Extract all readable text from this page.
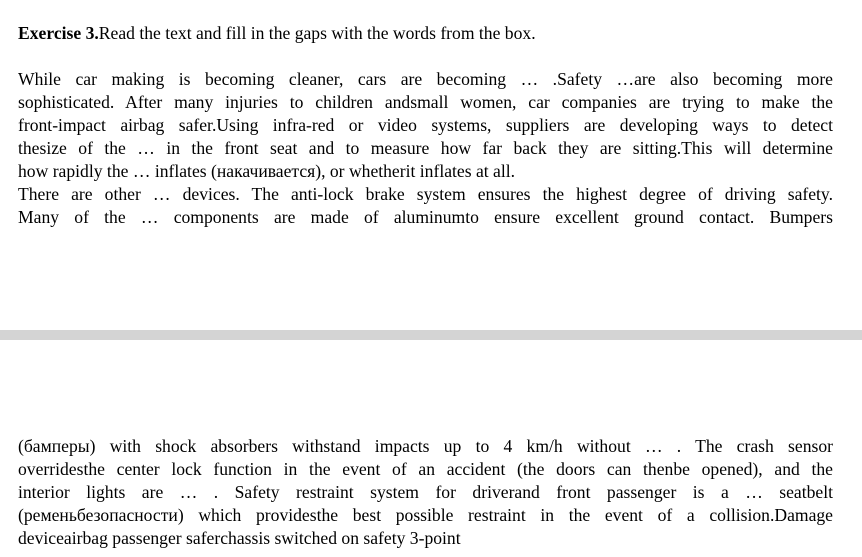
Exercise 3.Read the text and fill in the gaps with the words from the box.
While car making is becoming cleaner, cars are becoming … .Safety …are also becoming more
sophisticated. After many injuries to children andsmall women, car companies are trying to make the
front-impact airbag safer.Using infra-red or video systems, suppliers are developing ways to detect
thesize of the … in the front seat and to measure how far back they are sitting.This will determine
how rapidly the … inflates (накачивается), or whetherit inflates at all.
There are other … devices. The anti-lock brake system ensures the highest degree of driving safety.
Many of the … components are made of aluminumto ensure excellent ground contact. Bumpers
(бамперы) with shock absorbers withstand impacts up to 4 km/h without … . The crash sensor
overridesthe center lock function in the event of an accident (the doors can thenbe opened), and the
interior lights are … . Safety restraint system for driverand front passenger is a … seatbelt
(ременьбезопасности) which providesthe best possible restraint in the event of a collision.Damage
deviceairbag passenger saferchassis switched on safety 3-point
